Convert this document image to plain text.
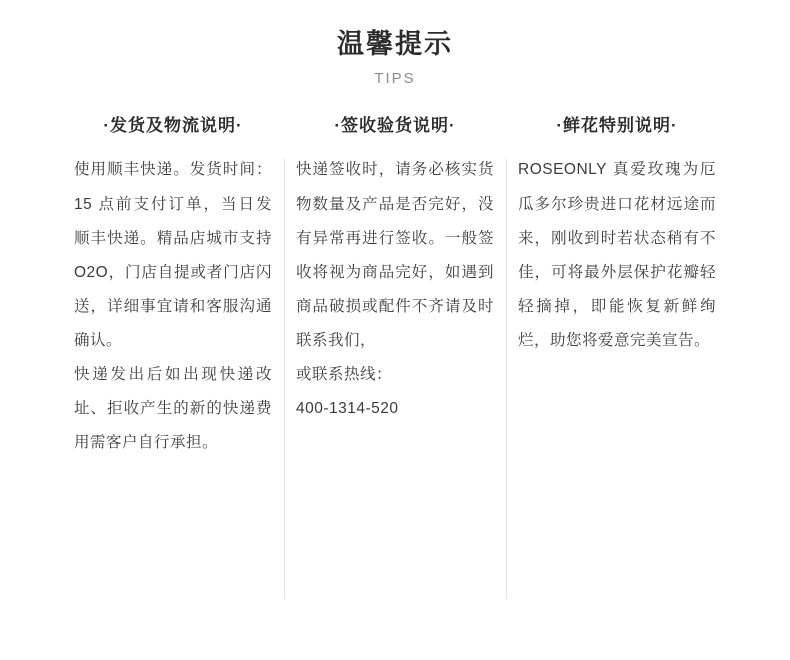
温馨提示
TIPS
·发货及物流说明·

使用顺丰快递。发货时间：15 点前支付订单，当日发顺丰快递。精品店城市支持 O2O，门店自提或者门店闪送，详细事宜请和客服沟通确认。

快递发出后如出现快递改址、拒收产生的新的快递费用需客户自行承担。

·签收验货说明·

快递签收时，请务必核实货物数量及产品是否完好，没有异常再进行签收。一般签收将视为商品完好，如遇到商品破损或配件不齐请及时联系我们，

或联系热线：

400-1314-520

·鲜花特别说明·

ROSEONLY 真爱玫瑰为厄瓜多尔珍贵进口花材远途而来，刚收到时若状态稍有不佳，可将最外层保护花瓣轻轻摘掉，即能恢复新鲜绚烂，助您将爱意完美宣告。
